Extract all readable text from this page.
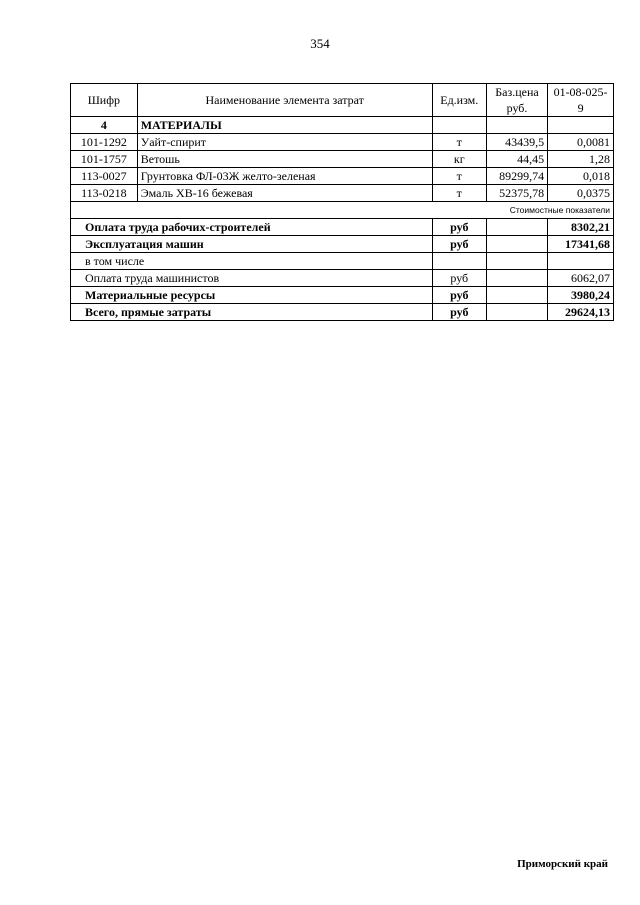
354
Шифр	Наименование элемента затрат	Ед.изм.	Баз.цена руб.	01-08-025-9
4	МАТЕРИАЛЫ			
101-1292	Уайт-спирит	т	43439,5	0,0081
101-1757	Ветошь	кг	44,45	1,28
113-0027	Грунтовка ФЛ-03Ж желто-зеленая	т	89299,74	0,018
113-0218	Эмаль ХВ-16 бежевая	т	52375,78	0,0375
Стоимостные показатели				
Оплата труда рабочих-строителей		руб		8302,21
Эксплуатация машин		руб		17341,68
в том числе				
Оплата труда машинистов		руб		6062,07
Материальные ресурсы		руб		3980,24
Всего, прямые затраты		руб		29624,13
Приморский край
